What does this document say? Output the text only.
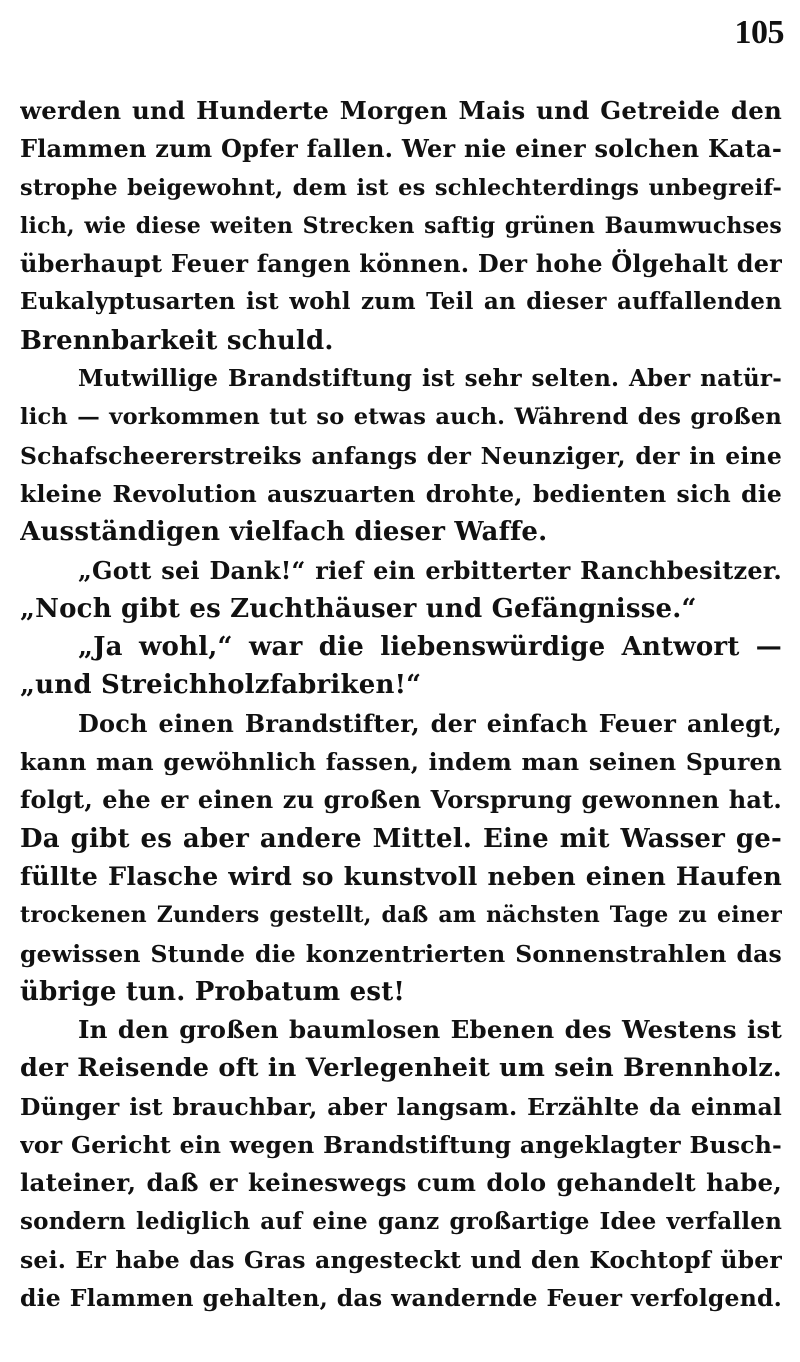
105
werden und Hunderte Morgen Mais und Getreide den
Flammen zum Opfer fallen. Wer nie einer solchen Kata-
strophe beigewohnt, dem ist es schlechterdings unbegreif-
lich, wie diese weiten Strecken saftig grünen Baumwuchses
überhaupt Feuer fangen können. Der hohe Ölgehalt der
Eukalyptusarten ist wohl zum Teil an dieser auffallenden
Brennbarkeit schuld.
Mutwillige Brandstiftung ist sehr selten. Aber natür-
lich — vorkommen tut so etwas auch. Während des großen
Schafscheererstreiks anfangs der Neunziger, der in eine
kleine Revolution auszuarten drohte, bedienten sich die
Ausständigen vielfach dieser Waffe.
„Gott sei Dank!“ rief ein erbitterter Ranchbesitzer.
„Noch gibt es Zuchthäuser und Gefängnisse.“
„Ja wohl,“ war die liebenswürdige Antwort —
„und Streichholzfabriken!“
Doch einen Brandstifter, der einfach Feuer anlegt,
kann man gewöhnlich fassen, indem man seinen Spuren
folgt, ehe er einen zu großen Vorsprung gewonnen hat.
Da gibt es aber andere Mittel. Eine mit Wasser ge-
füllte Flasche wird so kunstvoll neben einen Haufen
trockenen Zunders gestellt, daß am nächsten Tage zu einer
gewissen Stunde die konzentrierten Sonnenstrahlen das
übrige tun. Probatum est!
In den großen baumlosen Ebenen des Westens ist
der Reisende oft in Verlegenheit um sein Brennholz.
Dünger ist brauchbar, aber langsam. Erzählte da einmal
vor Gericht ein wegen Brandstiftung angeklagter Busch-
lateiner, daß er keineswegs cum dolo gehandelt habe,
sondern lediglich auf eine ganz großartige Idee verfallen
sei. Er habe das Gras angesteckt und den Kochtopf über
die Flammen gehalten, das wandernde Feuer verfolgend.
